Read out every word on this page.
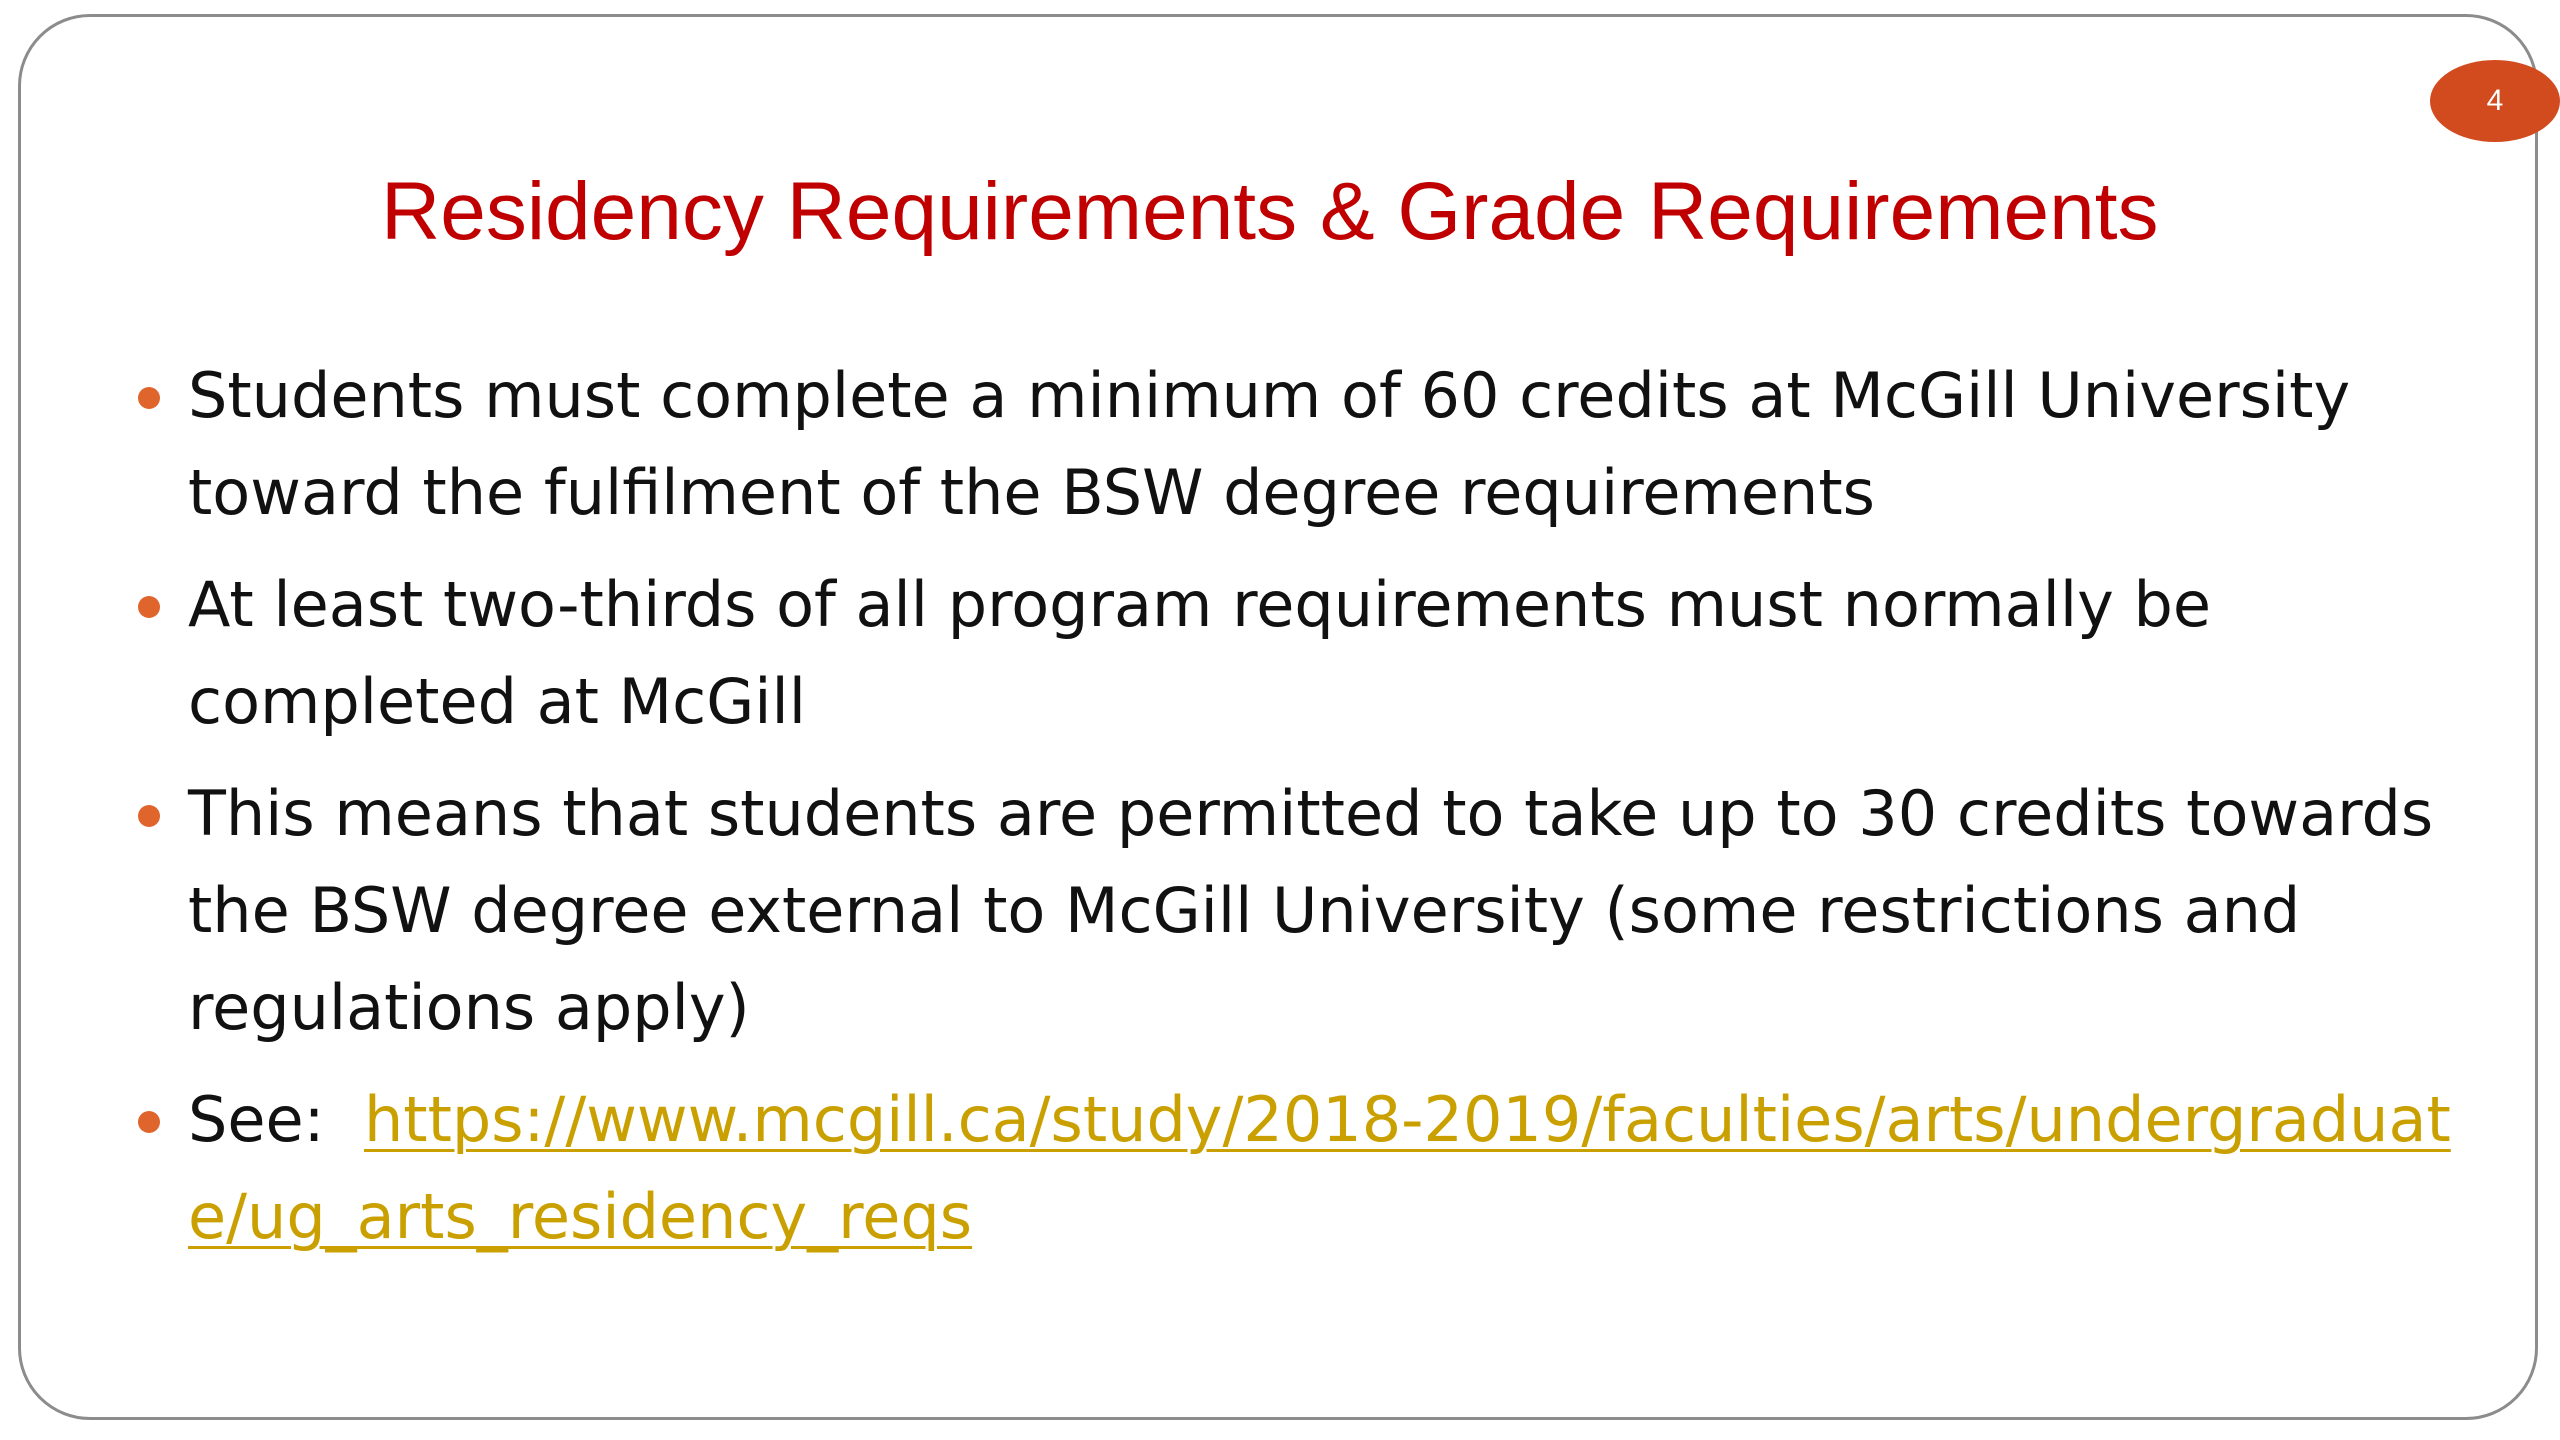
4
Residency Requirements & Grade Requirements
Students must complete a minimum of 60 credits at McGill University toward the fulfilment of the BSW degree requirements
At least two-thirds of all program requirements must normally be completed at McGill
This means that students are permitted to take up to 30 credits towards the BSW degree external to McGill University (some restrictions and regulations apply)
See: https://www.mcgill.ca/study/2018-2019/faculties/arts/undergraduate/ug_arts_residency_reqs
